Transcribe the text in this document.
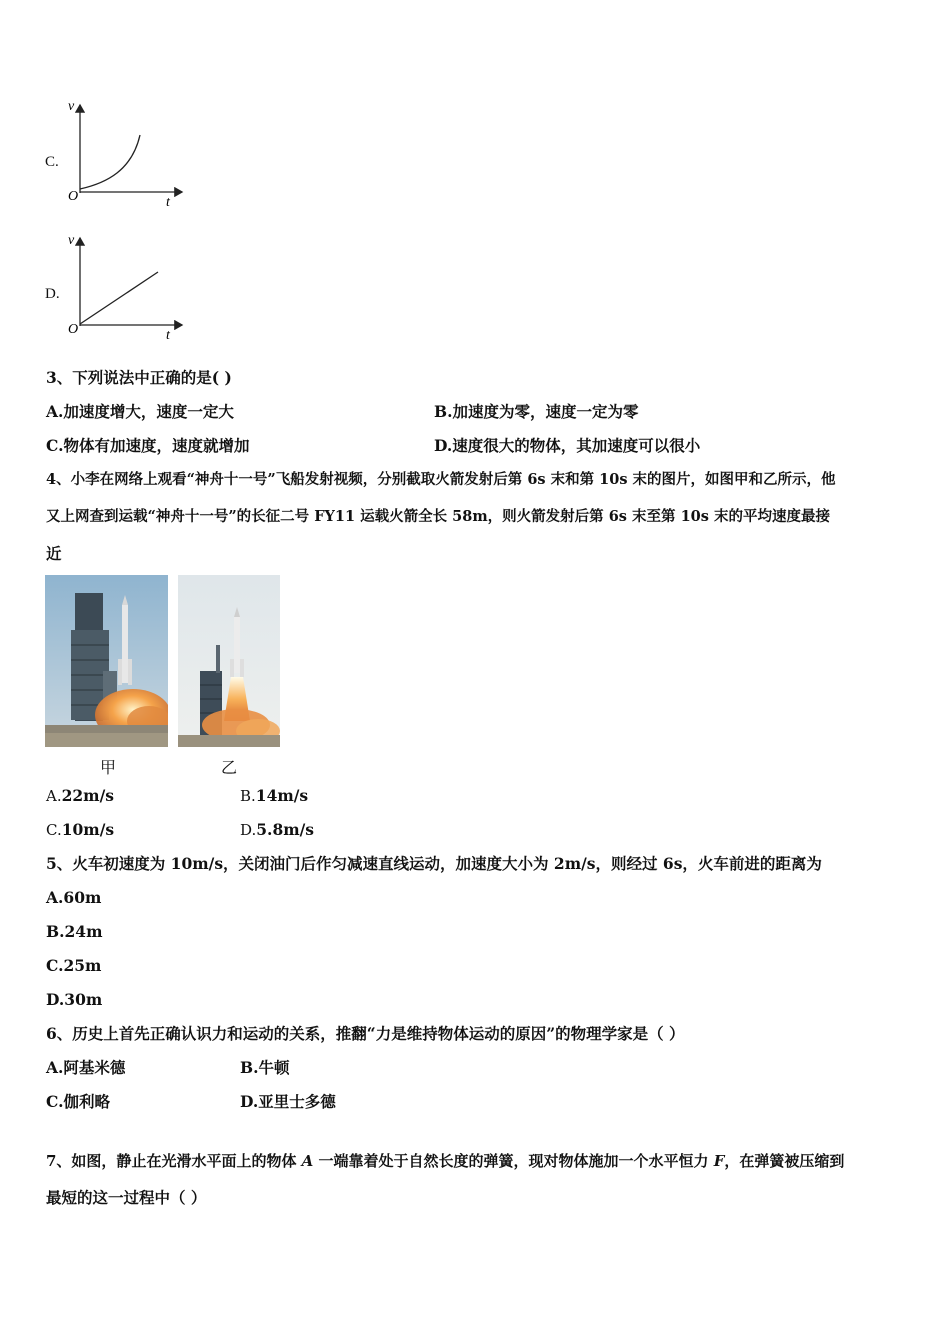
C.
v
t
O
D.
v
t
O
3、下列说法中正确的是( )
A.加速度增大，速度一定大	B.加速度为零，速度一定为零
C.物体有加速度，速度就增加	D.速度很大的物体，其加速度可以很小
4、小李在网络上观看“神舟十一号”飞船发射视频，分别截取火箭发射后第 6s 末和第 10s 末的图片，如图甲和乙所示，他
又上网查到运载“神舟十一号”的长征二号 FY11 运载火箭全长 58m，则火箭发射后第 6s 末至第 10s 末的平均速度最接
近
甲	乙
A.22m/s	B.14m/s
C.10m/s	D.5.8m/s
5、火车初速度为 10m/s，关闭油门后作匀减速直线运动，加速度大小为 2m/s，则经过 6s，火车前进的距离为
A.60m
B.24m
C.25m
D.30m
6、历史上首先正确认识力和运动的关系，推翻“力是维持物体运动的原因”的物理学家是（ ）
A.阿基米德	B.牛顿
C.伽利略	D.亚里士多德
7、如图，静止在光滑水平面上的物体 A 一端靠着处于自然长度的弹簧，现对物体施加一个水平恒力 F，在弹簧被压缩到
最短的这一过程中（ ）
